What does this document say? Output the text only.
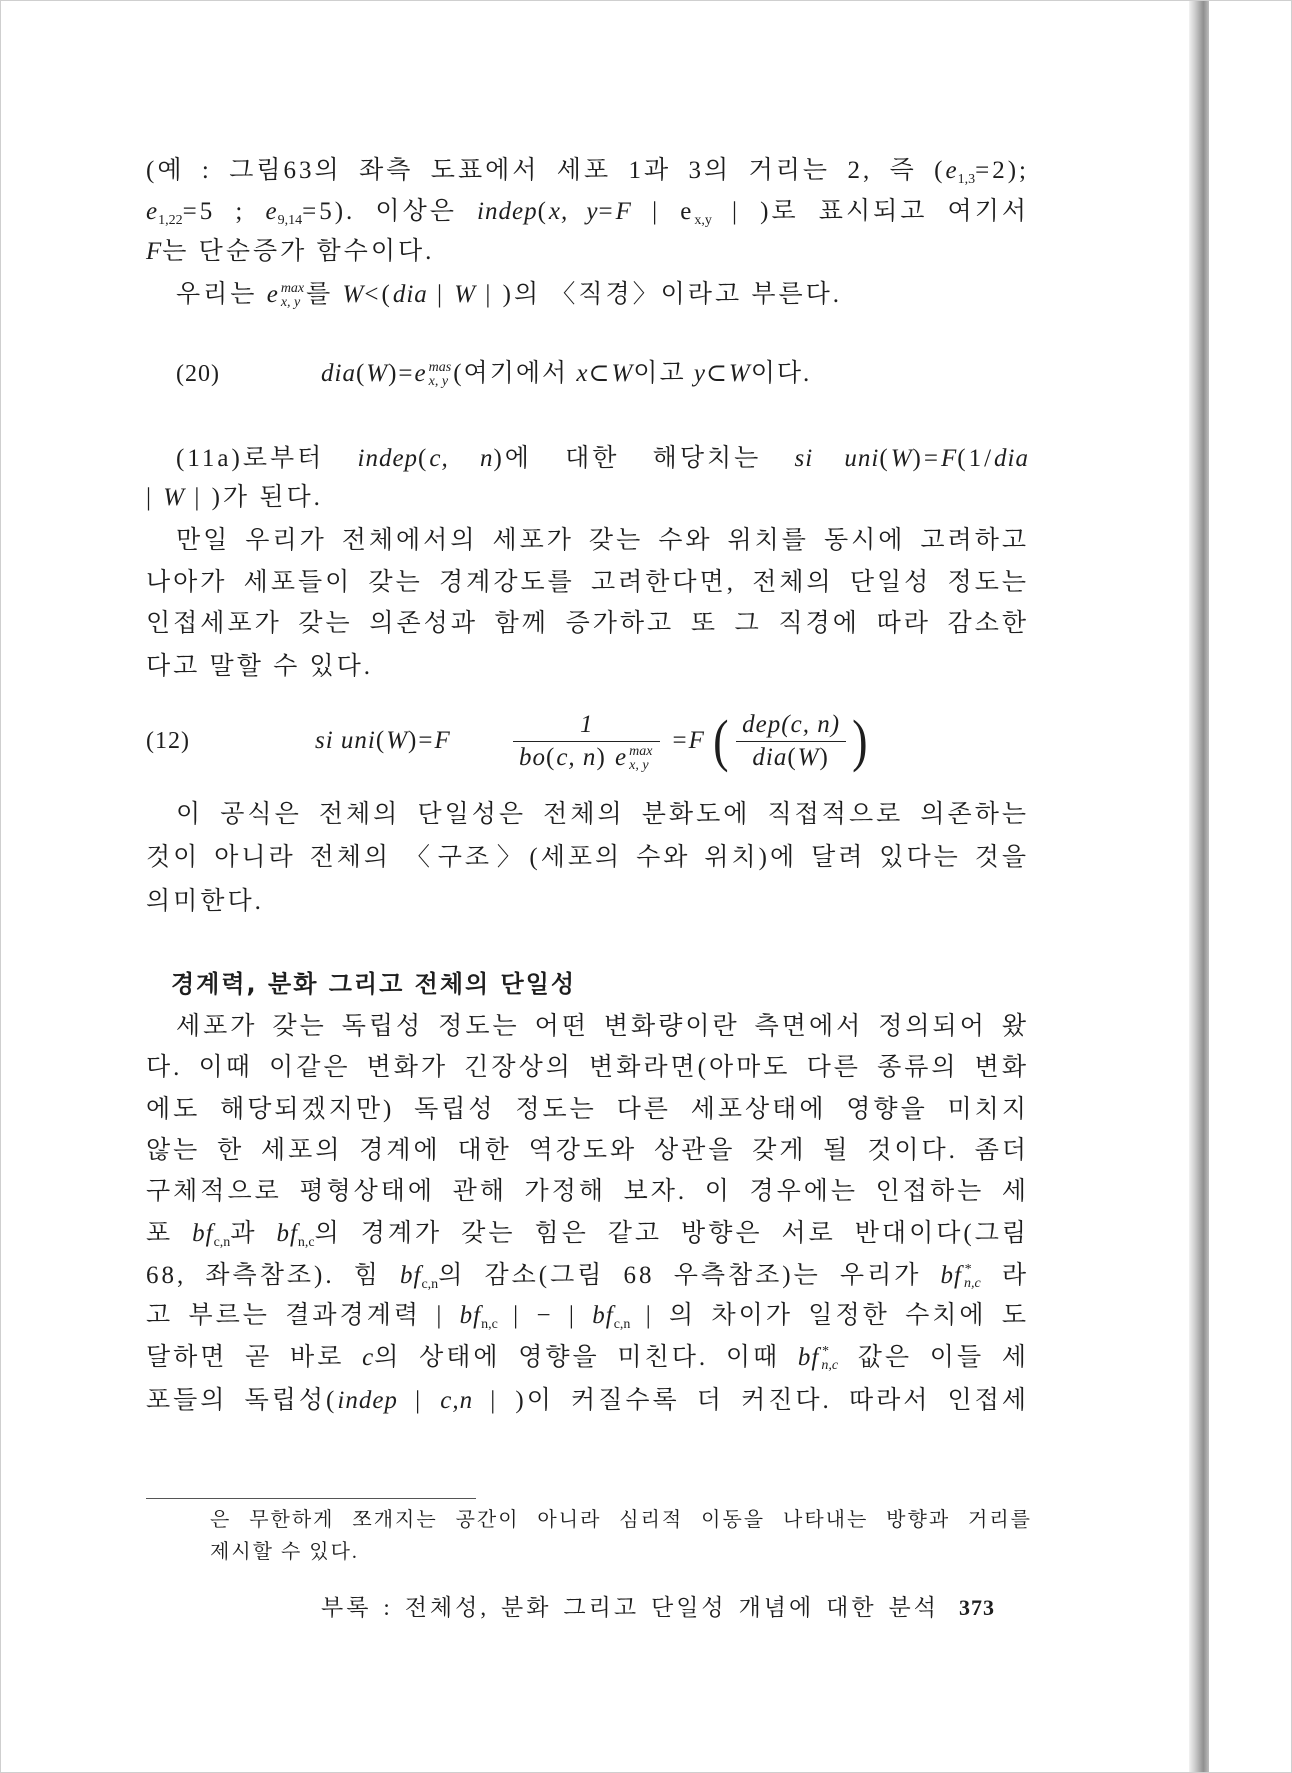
(예 : 그림63의 좌측 도표에서 세포 1과 3의 거리는 2, 즉 $(e_{1,3}=2)$;
$e_{1,22}=5$ ; $e_{9,14}=5$). 이상은 indep(x, y=F | $e_{x,y}$ | )로 표시되고 여기서
F는 단순증가 함수이다.
우리는 e max
x, y 를 W<(dia | W | )의 〈직경〉이라고 부른다.
(20)	dia(W)=e mas
x, y (여기에서 x⊂W이고 y⊂W이다.
(11a)로부터 indep(c, n)에 대한 해당치는 si uni(W)=F(1/dia
| W | )가 된다.
만일 우리가 전체에서의 세포가 갖는 수와 위치를 동시에 고려하고
나아가 세포들이 갖는 경계강도를 고려한다면, 전체의 단일성 정도는
인접세포가 갖는 의존성과 함께 증가하고 또 그 직경에 따라 감소한
다고 말할 수 있다.
(12)	si uni(W)=F	1
bo(c, n) e max
x, y =F ( $\frac{\text{dep(c, n)}}{\text{dia(W)}}$ )
이 공식은 전체의 단일성은 전체의 분화도에 직접적으로 의존하는
것이 아니라 전체의 〈구조〉(세포의 수와 위치)에 달려 있다는 것을
의미한다.
경계력, 분화 그리고 전체의 단일성
세포가 갖는 독립성 정도는 어떤 변화량이란 측면에서 정의되어 왔
다. 이때 이같은 변화가 긴장상의 변화라면(아마도 다른 종류의 변화
에도 해당되겠지만) 독립성 정도는 다른 세포상태에 영향을 미치지
않는 한 세포의 경계에 대한 역강도와 상관을 갖게 될 것이다. 좀더
구체적으로 평형상태에 관해 가정해 보자. 이 경우에는 인접하는 세
포 $bf_{c,n}$과 $bf_{n,c}$의 경계가 갖는 힘은 같고 방향은 서로 반대이다(그림
68, 좌측참조). 힘 $bf_{c,n}$의 감소(그림 68 우측참조)는 우리가 bf *
n,c 라
고 부르는 결과경계력 | $bf_{n,c}$ | − | $bf_{c,n}$ | 의 차이가 일정한 수치에 도
달하면 곧 바로 c의 상태에 영향을 미친다. 이때 bf *
n,c 값은 이들 세
포들의 독립성(indep | c,n | )이 커질수록 더 커진다. 따라서 인접세
은 무한하게 쪼개지는 공간이 아니라 심리적 이동을 나타내는 방향과 거리를
제시할 수 있다.
부록 : 전체성, 분화 그리고 단일성 개념에 대한 분석 373
